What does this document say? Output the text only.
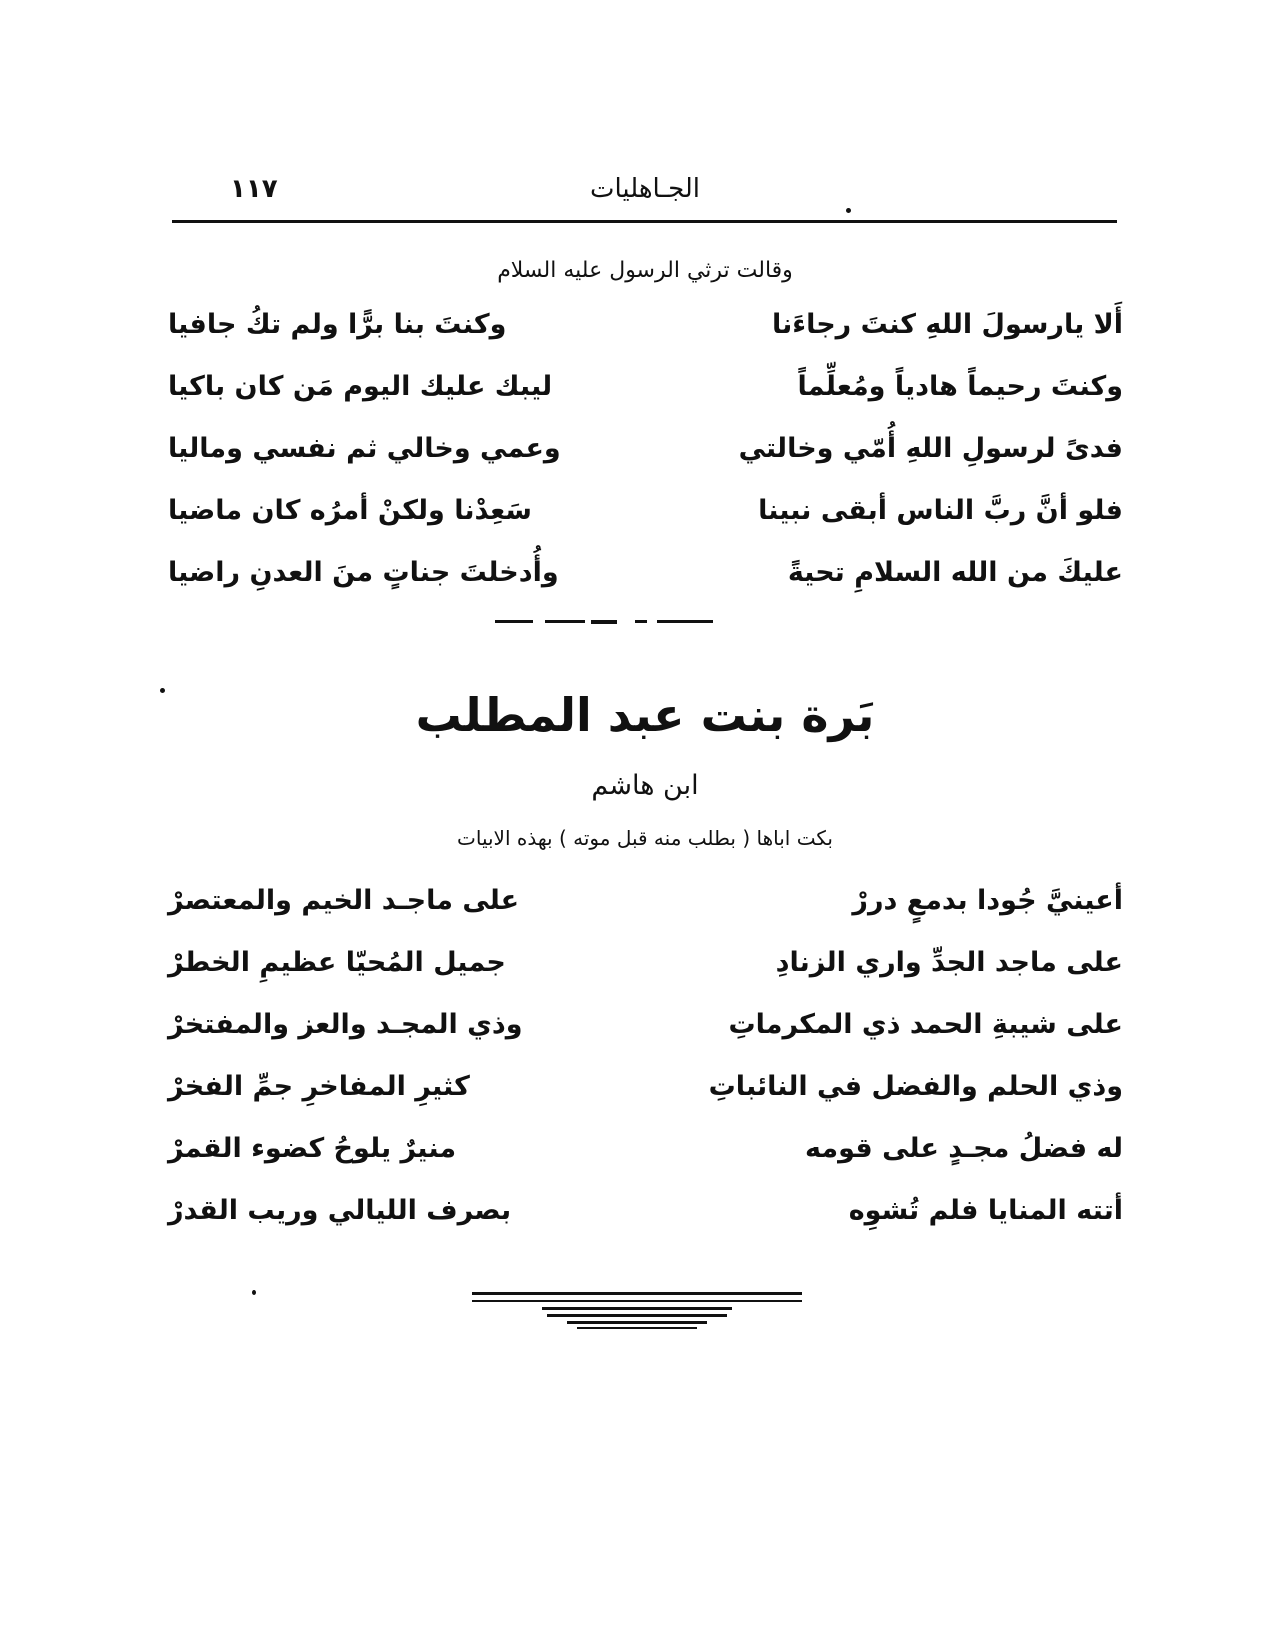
١١٧	الجـاهليات
وقالت ترثي الرسول عليه السلام
أَلا يارسولَ اللهِ كنتَ رجاءَنا
وكنتَ بنا برًّا ولم تكُ جافيا
وكنتَ رحيماً هادياً ومُعلِّماً
ليبك عليك اليوم مَن كان باكيا
فدىً لرسولِ اللهِ أُمّي وخالتي
وعمي وخالي ثم نفسي وماليا
فلو أنَّ ربَّ الناس أبقى نبينا
سَعِدْنا ولكنْ أمرُه كان ماضيا
عليكَ من الله السلامِ تحيةً
وأُدخلتَ جناتٍ منَ العدنِ راضيا
بَرة بنت عبد المطلب
ابن هاشم
بكت اباها ( بطلب منه قبل موته ) بهذه الابيات
أعينيَّ جُودا بدمعٍ دررْ
على ماجـد الخيم والمعتصرْ
على ماجد الجدِّ واري الزنادِ
جميل المُحيّا عظيمِ الخطرْ
على شيبةِ الحمد ذي المكرماتِ
وذي المجـد والعز والمفتخرْ
وذي الحلم والفضل في النائباتِ
كثيرِ المفاخرِ جمِّ الفخرْ
له فضلُ مجـدٍ على قومه
منيرٌ يلوحُ كضوء القمرْ
أتته المنايا فلم تُشوِه
بصرف الليالي وريب القدرْ
